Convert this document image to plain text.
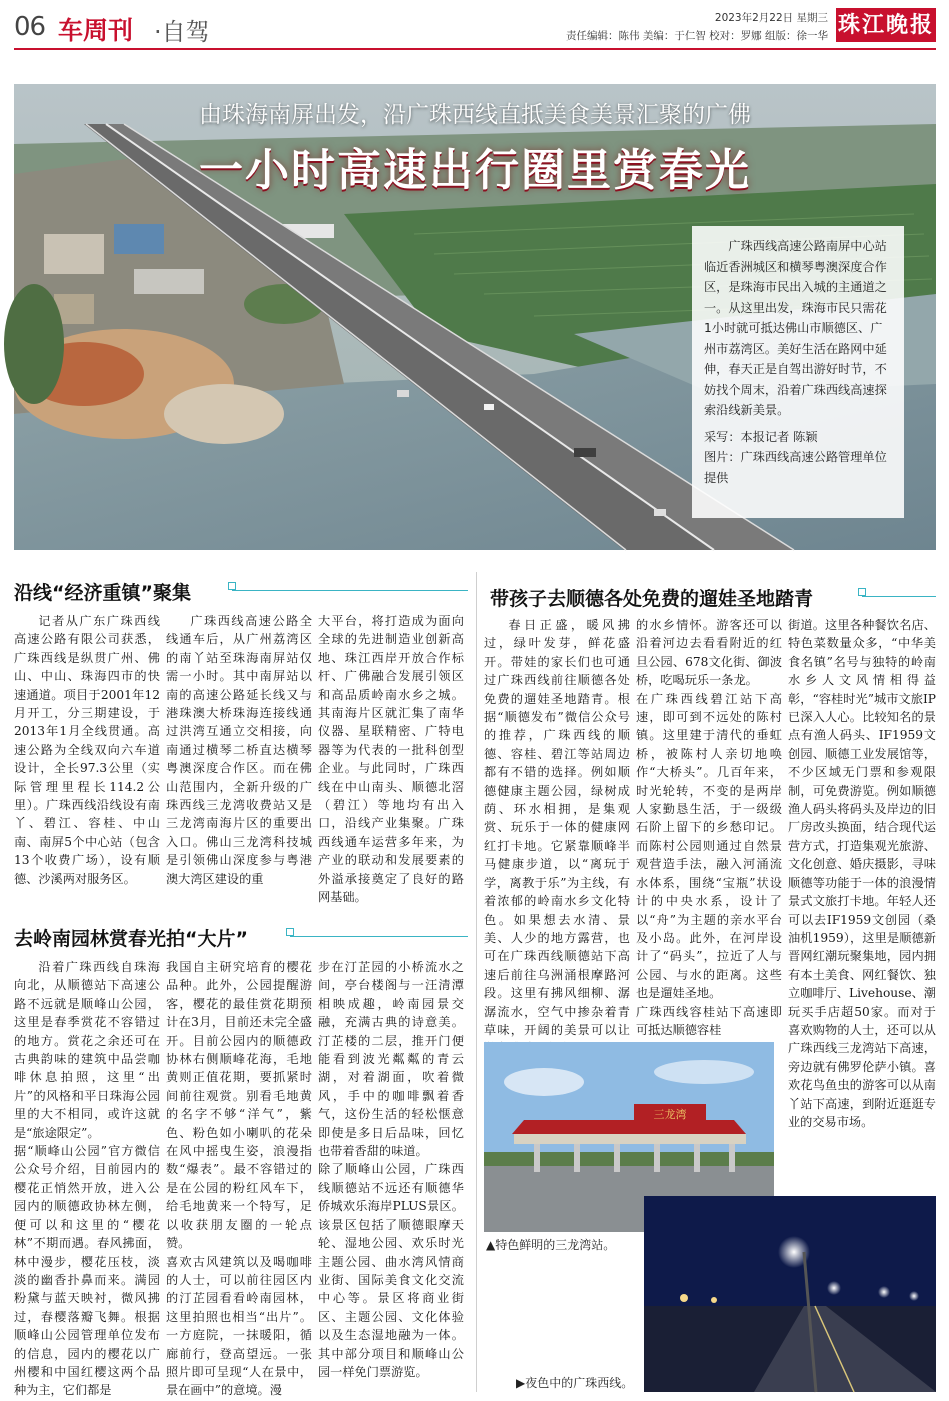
06 车周刊 ·自驾	2023年2月22日 星期三
责任编辑：陈伟 美编：于仁智 校对：罗娜 组版：徐一华 珠江晚报
由珠海南屏出发，沿广珠西线直抵美食美景汇聚的广佛
一小时高速出行圈里赏春光

广珠西线高速公路南屏中心站临近香洲城区和横琴粤澳深度合作区，是珠海市民出入城的主通道之一。从这里出发，珠海市民只需花1小时就可抵达佛山市顺德区、广州市荔湾区。美好生活在路网中延伸，春天正是自驾出游好时节，不妨找个周末，沿着广珠西线高速探索沿线新美景。

采写：本报记者 陈颖

图片：广珠西线高速公路管理单位提供

沿线“经济重镇”聚集

记者从广东广珠西线高速公路有限公司获悉，广珠西线是纵贯广州、佛山、中山、珠海四市的快速通道。项目于2001年12月开工，分三期建设，于2013年1月全线贯通。高速公路为全线双向六车道设计，全长97.3公里（实际管理里程长114.2公里）。广珠西线沿线设有南丫、碧江、容桂、中山南、南屏5个中心站（包含13个收费广场），设有顺德、沙溪两对服务区。

广珠西线高速公路全线通车后，从广州荔湾区的南丫站至珠海南屏站仅需一小时。其中南屏站以南的高速公路延长线又与港珠澳大桥珠海连接线通过洪湾互通立交相接，向南通过横琴二桥直达横琴粤澳深度合作区。而在佛山范围内，全新升级的广珠西线三龙湾收费站又是三龙湾南海片区的重要出入口。佛山三龙湾科技城是引领佛山深度参与粤港澳大湾区建设的重

大平台，将打造成为面向全球的先进制造业创新高地、珠江西岸开放合作标杆、广佛融合发展引领区和高品质岭南水乡之城。其南海片区就汇集了南华仪器、星联精密、广特电器等为代表的一批科创型企业。与此同时，广珠西线在中山南头、顺德北滘（碧江）等地均有出入口，沿线产业集聚。广珠西线通车运营多年来，为产业的联动和发展要素的外溢承接奠定了良好的路网基础。

去岭南园林赏春光拍“大片”

沿着广珠西线自珠海向北，从顺德站下高速公路不远就是顺峰山公园，这里是春季赏花不容错过的地方。赏花之余还可在古典韵味的建筑中品尝咖啡休息拍照，这里“出片”的风格和平日珠海公园里的大不相同，或许这就是“旅途限定”。
据“顺峰山公园”官方微信公众号介绍，目前园内的樱花正悄然开放，进入公园内的顺德政协林左侧，便可以和这里的“樱花林”不期而遇。春风拂面，林中漫步，樱花压枝，淡淡的幽香扑鼻而来。满园粉黛与蓝天映衬，微风拂过，春樱落瓣飞舞。根据顺峰山公园管理单位发布的信息，园内的樱花以广州樱和中国红樱这两个品种为主，它们都是

我国自主研究培育的樱花品种。此外，公园提醒游客，樱花的最佳赏花期预计在3月，目前还未完全盛开。目前公园内的顺德政协林右侧顺峰花海，毛地黄则正值花期，要抓紧时间前往观赏。别看毛地黄的名字不够“洋气”，紫色、粉色如小喇叭的花朵在风中摇曳生姿，浪漫指数“爆表”。最不容错过的是在公园的粉红风车下，给毛地黄来一个特写，足以收获朋友圈的一轮点赞。
喜欢古风建筑以及喝咖啡的人士，可以前往园区内的汀芷园看看岭南园林，这里拍照也相当“出片”。一方庭院，一抹暖阳，循廊前行，登高望远。一张照片即可呈现“人在景中，景在画中”的意境。漫

步在汀芷园的小桥流水之间，亭台楼阁与一汪清潭相映成趣，岭南园景交融，充满古典的诗意美。汀芷楼的二层，推开门便能看到波光粼粼的青云湖，对着湖面，吹着微风，手中的咖啡飘着香气，这份生活的轻松惬意即使是多日后品味，回忆也带着香甜的味道。
除了顺峰山公园，广珠西线顺德站不远还有顺德华侨城欢乐海岸PLUS景区。该景区包括了顺德眼摩天轮、湿地公园、欢乐时光主题公园、曲水湾风情商业街、国际美食文化交流中心等。景区将商业街区、主题公园、文化体验以及生态湿地融为一体。其中部分项目和顺峰山公园一样免门票游览。

带孩子去顺德各处免费的遛娃圣地踏青

春日正盛，暖风拂过，绿叶发芽，鲜花盛开。带娃的家长们也可通过广珠西线前往顺德各处免费的遛娃圣地踏青。根据“顺德发布”微信公众号的推荐，广珠西线的顺德、容桂、碧江等站周边都有不错的选择。例如顺德健康主题公园，绿树成荫、环水相拥，是集观赏、玩乐于一体的健康网红打卡地。它紧靠顺峰半马健康步道，以“离玩于学，离教于乐”为主线，有着浓郁的岭南水乡文化特色。如果想去水清、景美、人少的地方露营，也可在广珠西线顺德站下高速后前往乌洲涌根摩路河段。这里有拂风细柳、潺潺流水，空气中掺杂着青草味，开阔的美景可以让

的水乡情怀。游客还可以沿着河边去看看附近的红旦公园、678文化街、御波桥，吃喝玩乐一条龙。
在广珠西线碧江站下高速，即可到不远处的陈村镇。这里建于清代的垂虹桥，被陈村人亲切地唤作“大桥头”。几百年来，时光轮转，不变的是两岸人家勤恳生活，于一级级石阶上留下的乡愁印记。而陈村公园则通过自然景观营造手法，融入河涌流水体系，围绕“宝瓶”状设计的中央水系，设计了以“舟”为主题的亲水平台及小岛。此外，在河岸设计了“码头”，拉近了人与公园、与水的距离。这些也是遛娃圣地。
广珠西线容桂站下高速即可抵达顺德容桂

街道。这里各种餐饮名店、特色菜数量众多，“中华美食名镇”名号与独特的岭南水乡人文风情相得益彰，“容桂时光”城市文旅IP已深入人心。比较知名的景点有渔人码头、IF1959文创园、顺德工业发展馆等，不少区域无门票和参观限制，可免费游览。例如顺德渔人码头将码头及岸边的旧厂房改头换面，结合现代运营方式，打造集观光旅游、文化创意、婚庆摄影，寻味顺德等功能于一体的浪漫情景式文旅打卡地。年轻人还可以去IF1959文创园（桑油机1959），这里是顺德新晋网红潮玩聚集地，园内拥有本土美食、网红餐饮、独立咖啡厅、Livehouse、潮玩买手店超50家。而对于喜欢购物的人士，还可以从广珠西线三龙湾站下高速，旁边就有佛罗伦萨小镇。喜欢花鸟鱼虫的游客可以从南丫站下高速，到附近逛逛专业的交易市场。

三龙湾
▲特色鲜明的三龙湾站。
▶夜色中的广珠西线。
